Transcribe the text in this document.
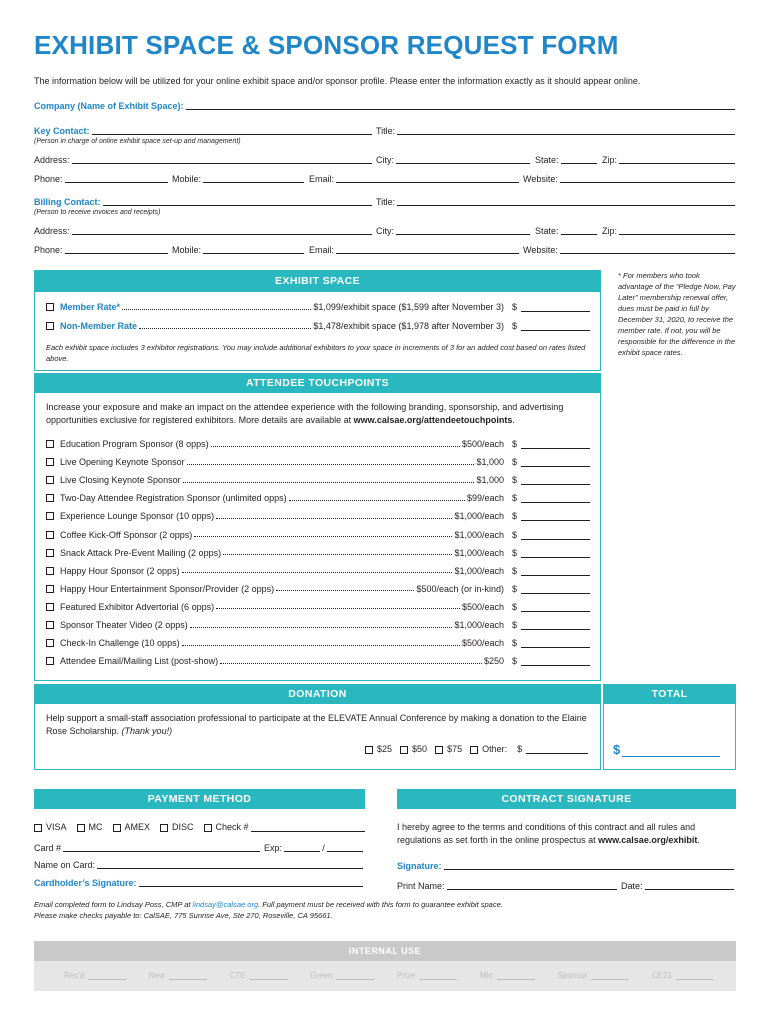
EXHIBIT SPACE & SPONSOR REQUEST FORM
The information below will be utilized for your online exhibit space and/or sponsor profile. Please enter the information exactly as it should appear online.
Company (Name of Exhibit Space):
Key Contact:	Title:
(Person in charge of online exhibit space set-up and management)
Address:	City:	State:	Zip:
Phone:	Mobile:	Email:	Website:
Billing Contact:	Title:
(Person to receive invoices and receipts)
Address:	City:	State:	Zip:
Phone:	Mobile:	Email:	Website:
* For members who took advantage of the “Pledge Now, Pay Later” membership renewal offer, dues must be paid in full by December 31, 2020, to receive the member rate. If not, you will be responsible for the difference in the exhibit space rates.
EXHIBIT SPACE
Member Rate*	$1,099/exhibit space ($1,599 after November 3) $
Non-Member Rate	$1,478/exhibit space ($1,978 after November 3) $
Each exhibit space includes 3 exhibitor registrations. You may include additional exhibitors to your space in increments of 3 for an added cost based on rates listed above.
ATTENDEE TOUCHPOINTS
Increase your exposure and make an impact on the attendee experience with the following branding, sponsorship, and advertising opportunities exclusive for registered exhibitors. More details are available at www.calsae.org/attendeetouchpoints.
Education Program Sponsor (8 opps)	$500/each $
Live Opening Keynote Sponsor	$1,000 $
Live Closing Keynote Sponsor	$1,000 $
Two-Day Attendee Registration Sponsor (unlimited opps)	$99/each $
Experience Lounge Sponsor (10 opps)	$1,000/each $
Coffee Kick-Off Sponsor (2 opps)	$1,000/each $
Snack Attack Pre-Event Mailing (2 opps)	$1,000/each $
Happy Hour Sponsor (2 opps)	$1,000/each $
Happy Hour Entertainment Sponsor/Provider (2 opps)	$500/each (or in-kind) $
Featured Exhibitor Advertorial (6 opps)	$500/each $
Sponsor Theater Video (2 opps)	$1,000/each $
Check-In Challenge (10 opps)	$500/each $
Attendee Email/Mailing List (post-show)	$250 $
DONATION	TOTAL
Help support a small-staff association professional to participate at the ELEVATE Annual Conference by making a donation to the Elaine Rose Scholarship. (Thank you!)
$25 $50 $75 Other: $	$
PAYMENT METHOD
VISA MC AMEX DISC Check #
Card #	Exp:	/
Name on Card:
Cardholder’s Signature:
CONTRACT SIGNATURE
I hereby agree to the terms and conditions of this contract and all rules and regulations as set forth in the online prospectus at www.calsae.org/exhibit.
Signature:
Print Name:	Date:
Email completed form to Lindsay Poss, CMP at lindsay@calsae.org. Full payment must be received with this form to guarantee exhibit space.
Please make checks payable to: CalSAE, 775 Sunrise Ave, Ste 270, Roseville, CA 95661.
INTERNAL USE
Rec'd	New	CTE	Green	Prize	Mkt	Sponsor	CE21
